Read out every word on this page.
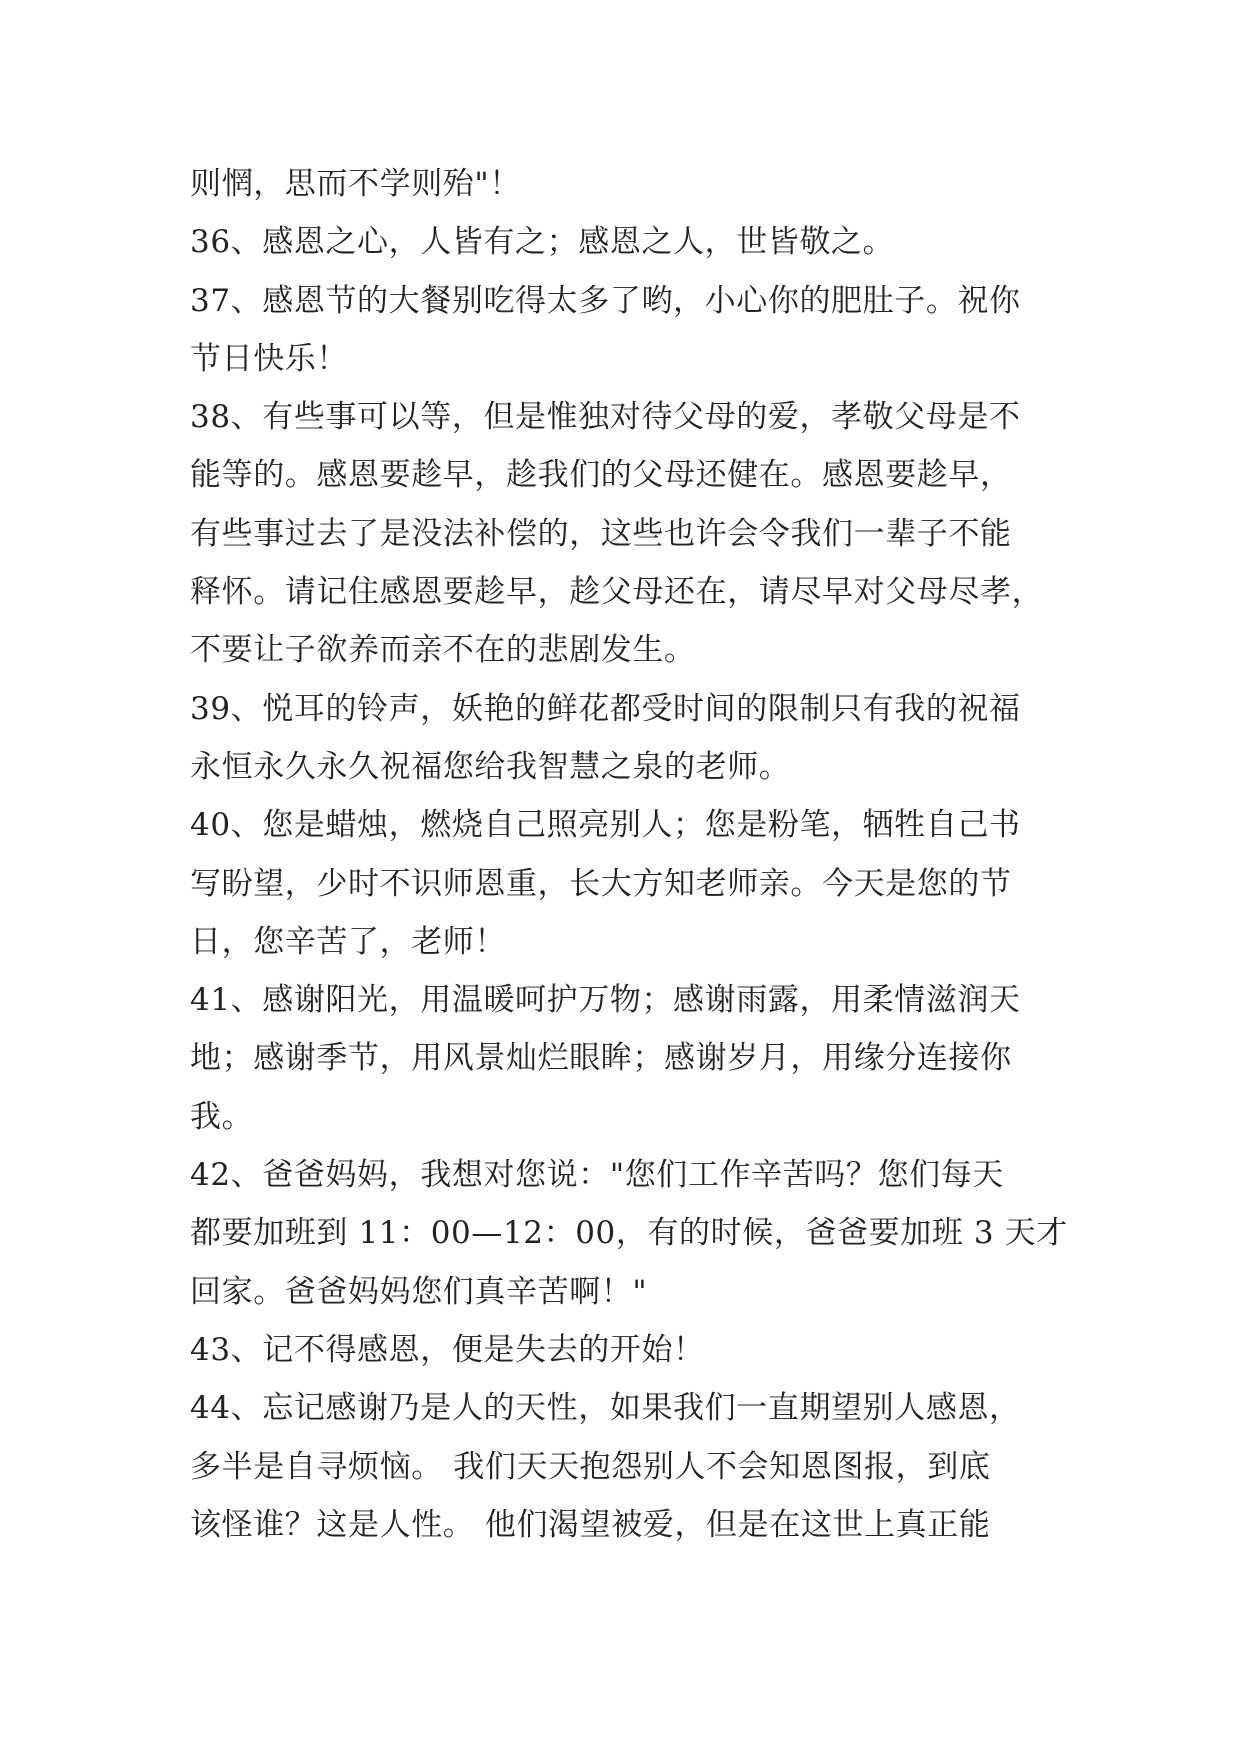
则惘，思而不学则殆"！
36、感恩之心，人皆有之；感恩之人，世皆敬之。
37、感恩节的大餐别吃得太多了哟，小心你的肥肚子。祝你
节日快乐！
38、有些事可以等，但是惟独对待父母的爱，孝敬父母是不
能等的。感恩要趁早，趁我们的父母还健在。感恩要趁早，
有些事过去了是没法补偿的，这些也许会令我们一辈子不能
释怀。请记住感恩要趁早，趁父母还在，请尽早对父母尽孝，
不要让子欲养而亲不在的悲剧发生。
39、悦耳的铃声，妖艳的鲜花都受时间的限制只有我的祝福
永恒永久永久祝福您给我智慧之泉的老师。
40、您是蜡烛，燃烧自己照亮别人；您是粉笔，牺牲自己书
写盼望，少时不识师恩重，长大方知老师亲。今天是您的节
日，您辛苦了，老师！
41、感谢阳光，用温暖呵护万物；感谢雨露，用柔情滋润天
地；感谢季节，用风景灿烂眼眸；感谢岁月，用缘分连接你
我。
42、爸爸妈妈，我想对您说："您们工作辛苦吗？您们每天
都要加班到 11：00—12：00，有的时候，爸爸要加班 3 天才
回家。爸爸妈妈您们真辛苦啊！"
43、记不得感恩，便是失去的开始！
44、忘记感谢乃是人的天性，如果我们一直期望别人感恩，
多半是自寻烦恼。 我们天天抱怨别人不会知恩图报，到底
该怪谁？这是人性。 他们渴望被爱，但是在这世上真正能
